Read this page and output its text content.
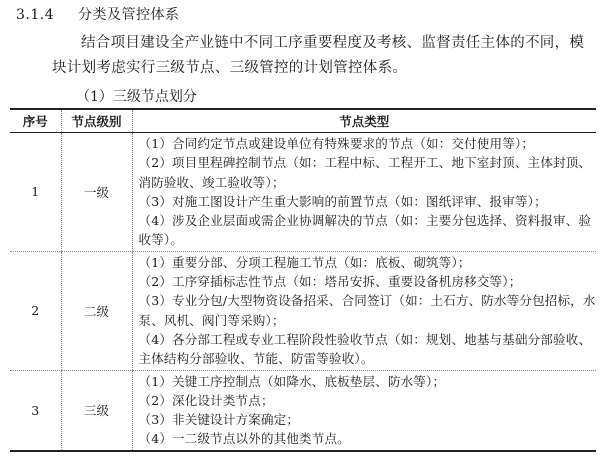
3.1.4 分类及管控体系
结合项目建设全产业链中不同工序重要程度及考核、监督责任主体的不同，模块计划考虑实行三级节点、三级管控的计划管控体系。
（1）三级节点划分
序号	节点级别	节点类型
1	一级	（1）合同约定节点或建设单位有特殊要求的节点（如：交付使用等）；

（2）项目里程碑控制节点（如：工程中标、工程开工、地下室封顶、主体封顶、消防验收、竣工验收等）；

（3）对施工图设计产生重大影响的前置节点（如：图纸评审、报审等）；

（4）涉及企业层面或需企业协调解决的节点（如：主要分包选择、资料报审、验收等）。

2	二级	（1）重要分部、分项工程施工节点（如：底板、砌筑等）；

（2）工序穿插标志性节点（如：塔吊安拆、重要设备机房移交等）；

（3）专业分包/大型物资设备招采、合同签订（如：土石方、防水等分包招标，水泵、风机、阀门等采购）；

（4）各分部工程或专业工程阶段性验收节点（如：规划、地基与基础分部验收、主体结构分部验收、节能、防雷等验收）。

3	三级	（1）关键工序控制点（如降水、底板垫层、防水等）；

（2）深化设计类节点；

（3）非关键设计方案确定；

（4）一二级节点以外的其他类节点。
